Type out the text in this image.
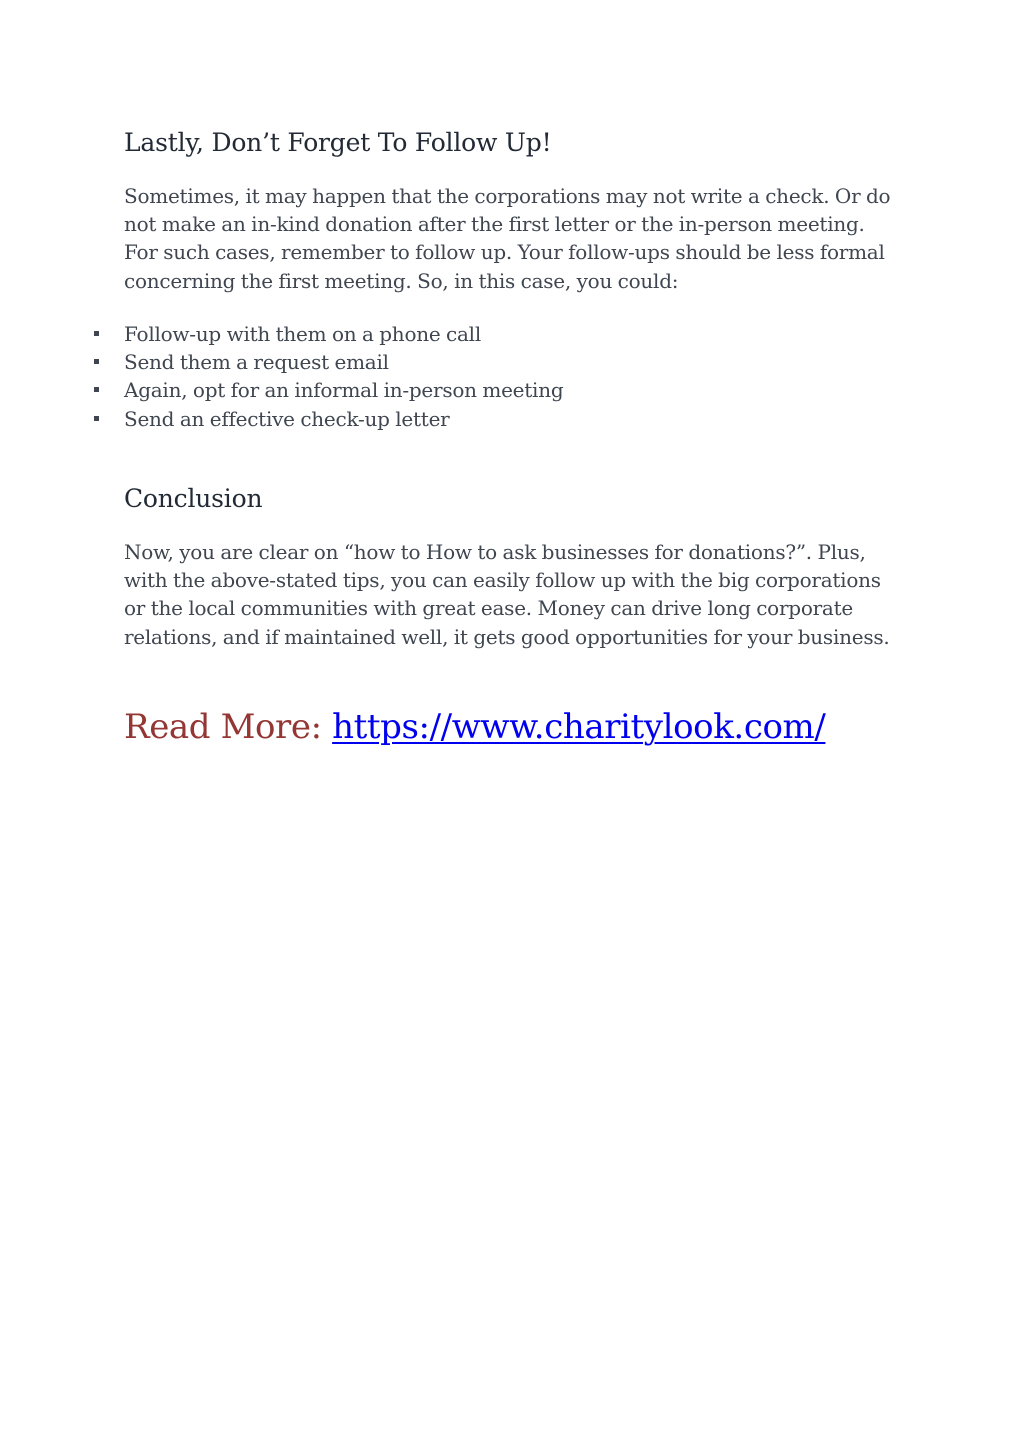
Lastly, Don’t Forget To Follow Up!

Sometimes, it may happen that the corporations may not write a check. Or do not make an in-kind donation after the first letter or the in-person meeting. For such cases, remember to follow up. Your follow-ups should be less formal concerning the first meeting. So, in this case, you could:

Follow-up with them on a phone call
Send them a request email
Again, opt for an informal in-person meeting
Send an effective check-up letter
Conclusion

Now, you are clear on “how to How to ask businesses for donations?”. Plus, with the above-stated tips, you can easily follow up with the big corporations or the local communities with great ease. Money can drive long corporate relations, and if maintained well, it gets good opportunities for your business.

Read More: https://www.charitylook.com/
